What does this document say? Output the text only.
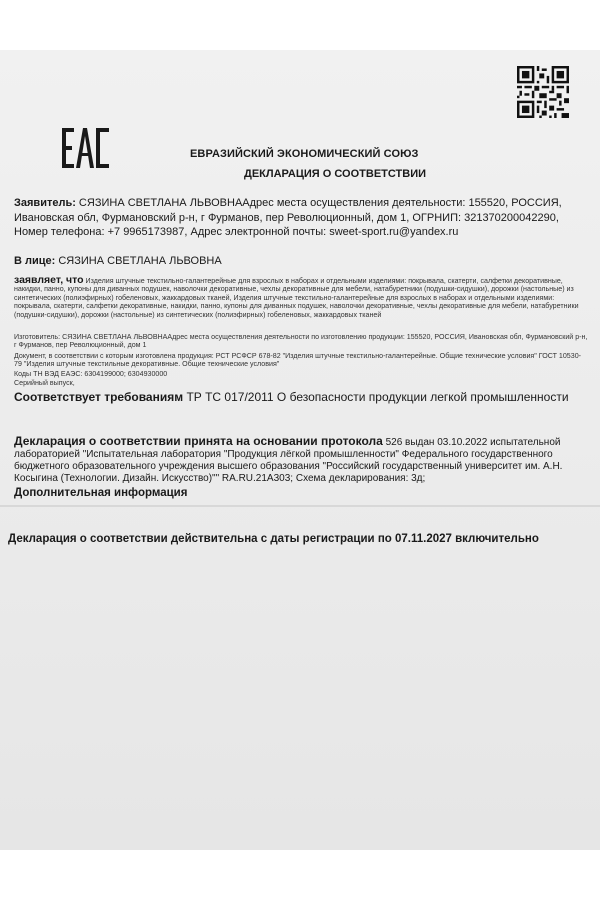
ЕВРАЗИЙСКИЙ ЭКОНОМИЧЕСКИЙ СОЮЗ
ДЕКЛАРАЦИЯ О СООТВЕТСТВИИ
Заявитель: СЯЗИНА СВЕТЛАНА ЛЬВОВНААдрес места осуществления деятельности: 155520, РОССИЯ, Ивановская обл, Фурмановский р-н, г Фурманов, пер Революционный, дом 1, ОГРНИП: 321370200042290, Номер телефона: +7 9965173987, Адрес электронной почты: sweet-sport.ru@yandex.ru
В лице: СЯЗИНА СВЕТЛАНА ЛЬВОВНА
заявляет, что Изделия штучные текстильно-галантерейные для взрослых в наборах и отдельными изделиями: покрывала, скатерти, салфетки декоративные, накидки, панно, купоны для диванных подушек, наволочки декоративные, чехлы декоративные для мебели, натабуретники (подушки-сидушки), дорожки (настольные) из синтетических (полиэфирных) гобеленовых, жаккардовых тканей, Изделия штучные текстильно-галантерейные для взрослых в наборах и отдельными изделиями: покрывала, скатерти, салфетки декоративные, накидки, панно, купоны для диванных подушек, наволочки декоративные, чехлы декоративные для мебели, натабуретники (подушки-сидушки), дорожки (настольные) из синтетических (полиэфирных) гобеленовых, жаккардовых тканей
Изготовитель: СЯЗИНА СВЕТЛАНА ЛЬВОВНААдрес места осуществления деятельности по изготовлению продукции: 155520, РОССИЯ, Ивановская обл, Фурмановский р-н, г Фурманов, пер Революционный, дом 1
Документ, в соответствии с которым изготовлена продукция: РСТ РСФСР 678-82 "Изделия штучные текстильно-галантерейные. Общие технические условия" ГОСТ 10530-79 "Изделия штучные текстильные декоративные. Общие технические условия"
Коды ТН ВЭД ЕАЭС: 6304199000; 6304930000
Серийный выпуск,
Соответствует требованиям ТР ТС 017/2011 О безопасности продукции легкой промышленности
Декларация о соответствии принята на основании протокола 526 выдан 03.10.2022 испытательной лабораторией "Испытательная лаборатория "Продукция лёгкой промышленности" Федерального государственного бюджетного образовательного учреждения высшего образования "Российский государственный университет им. А.Н. Косыгина (Технологии. Дизайн. Искусство)"" RA.RU.21A303; Схема декларирования: 3д;
Дополнительная информация
Декларация о соответствии действительна с даты регистрации по 07.11.2027 включительно
